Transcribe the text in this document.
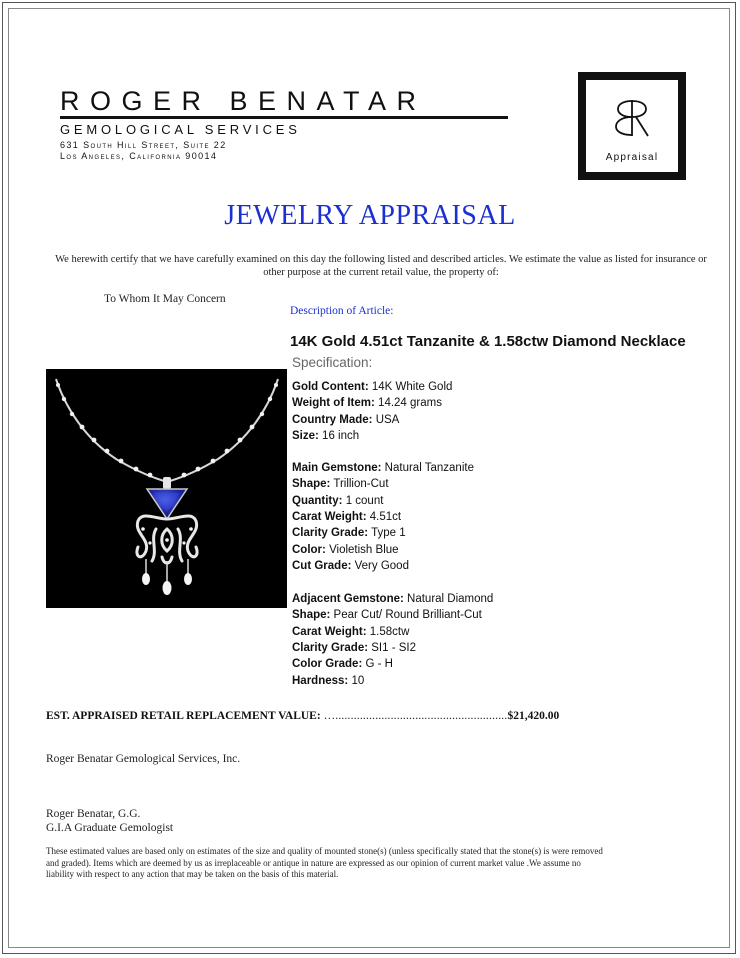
ROGER BENATAR
GEMOLOGICAL SERVICES
631 South Hill Street, Suite 22
Los Angeles, California 90014	Appraisal
JEWELRY APPRAISAL
We herewith certify that we have carefully examined on this day the following listed and described articles. We estimate the value as listed for insurance or other purpose at the current retail value, the property of:
To Whom It May Concern
Description of Article:
14K Gold 4.51ct Tanzanite & 1.58ctw Diamond Necklace
Specification:
Gold Content: 14K White Gold
Weight of Item: 14.24 grams
Country Made: USA
Size: 16 inch
Main Gemstone: Natural Tanzanite
Shape: Trillion-Cut
Quantity: 1 count
Carat Weight: 4.51ct
Clarity Grade: Type 1
Color: Violetish Blue
Cut Grade: Very Good
Adjacent Gemstone: Natural Diamond
Shape: Pear Cut/ Round Brilliant-Cut
Carat Weight: 1.58ctw
Clarity Grade: SI1 - SI2
Color Grade: G - H
Hardness: 10
EST. APPRAISED RETAIL REPLACEMENT VALUE: …........................................................$21,420.00
Roger Benatar Gemological Services, Inc.
Roger Benatar, G.G.
G.I.A Graduate Gemologist
These estimated values are based only on estimates of the size and quality of mounted stone(s) (unless specifically stated that the stone(s) is were removed and graded). Items which are deemed by us as irreplaceable or antique in nature are expressed as our opinion of current market value .We assume no liability with respect to any action that may be taken on the basis of this material.
